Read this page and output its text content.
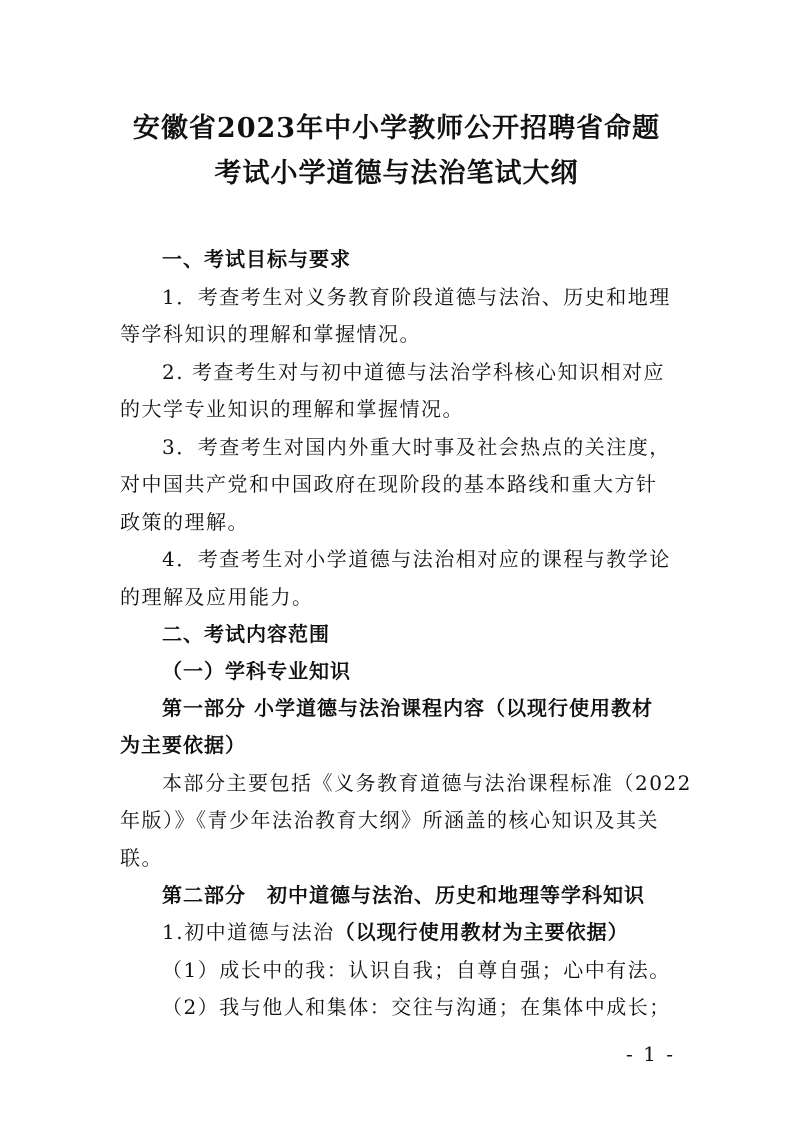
安徽省2023年中小学教师公开招聘省命题
考试小学道德与法治笔试大纲
一、考试目标与要求
1．考查考生对义务教育阶段道德与法治、历史和地理
等学科知识的理解和掌握情况。
2. 考查考生对与初中道德与法治学科核心知识相对应
的大学专业知识的理解和掌握情况。
3．考查考生对国内外重大时事及社会热点的关注度，
对中国共产党和中国政府在现阶段的基本路线和重大方针
政策的理解。
4．考查考生对小学道德与法治相对应的课程与教学论
的理解及应用能力。
二、考试内容范围
（一）学科专业知识
第一部分 小学道德与法治课程内容（以现行使用教材
为主要依据）
本部分主要包括《义务教育道德与法治课程标准（2022
年版）》《青少年法治教育大纲》所涵盖的核心知识及其关
联。
第二部分　初中道德与法治、历史和地理等学科知识
1.初中道德与法治（以现行使用教材为主要依据）
（1）成长中的我：认识自我；自尊自强；心中有法。
（2）我与他人和集体：交往与沟通；在集体中成长；
- 1 -
